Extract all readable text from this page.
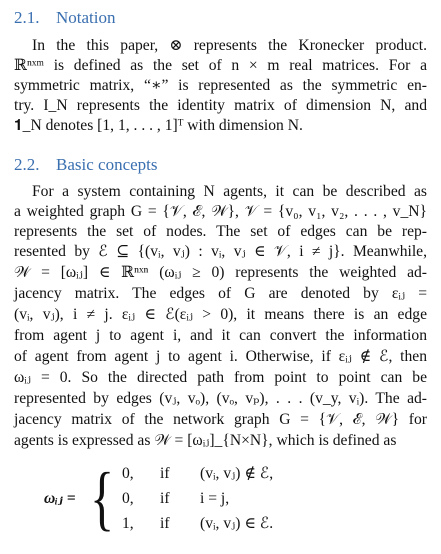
2.1. Notation
In the this paper, ⊗ represents the Kronecker product.
ℝⁿˣᵐ is defined as the set of n × m real matrices. For a
symmetric matrix, “∗” is represented as the symmetric en-
try. I_N represents the identity matrix of dimension N, and
𝟏_N denotes [1, 1, . . . , 1]ᵀ with dimension N.
2.2. Basic concepts
For a system containing N agents, it can be described as
a weighted graph G = {𝒱, ℰ, 𝒲}, 𝒱 = {v₀, v₁, v₂, . . . , v_N}
represents the set of nodes. The set of edges can be rep-
resented by ℰ ⊆ {(vᵢ, vⱼ) : vᵢ, vⱼ ∈ 𝒱, i ≠ j}. Meanwhile,
𝒲 = [ωᵢⱼ] ∈ ℝⁿˣⁿ (ωᵢⱼ ≥ 0) represents the weighted ad-
jacency matrix. The edges of G are denoted by εᵢⱼ =
(vᵢ, vⱼ), i ≠ j. εᵢⱼ ∈ ℰ(εᵢⱼ > 0), it means there is an edge
from agent j to agent i, and it can convert the information
of agent from agent j to agent i. Otherwise, if εᵢⱼ ∉ ℰ, then
ωᵢⱼ = 0. So the directed path from point to point can be
represented by edges (vⱼ, vₒ), (vₒ, vₚ), . . . (v_y, vᵢ). The ad-
jacency matrix of the network graph G = {𝒱, ℰ, 𝒲} for
agents is expressed as 𝒲 = [ωᵢⱼ]_{N×N}, which is defined as
ωᵢⱼ = { 0, if (vᵢ, vⱼ) ∉ ℰ,
0, if i = j,
1, if (vᵢ, vⱼ) ∈ ℰ.
